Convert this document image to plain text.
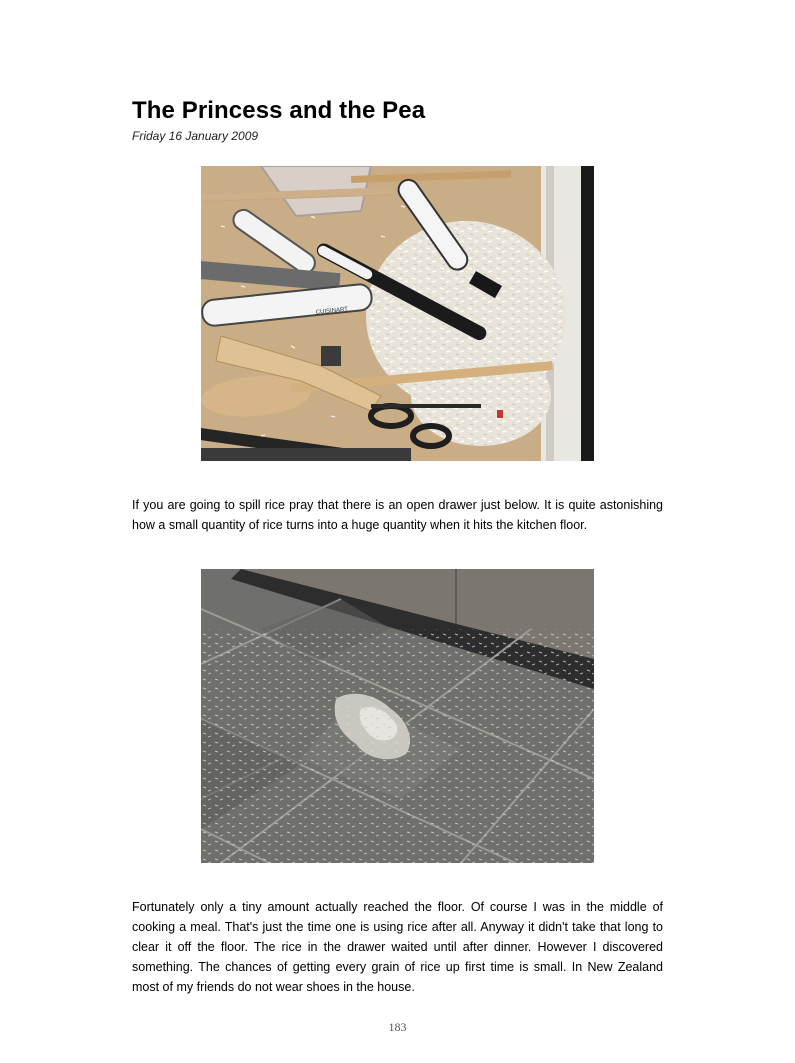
The Princess and the Pea
Friday 16 January 2009
CUISINART

If you are going to spill rice pray that there is an open drawer just below. It is quite astonishing how a small quantity of rice turns into a huge quantity when it hits the kitchen floor.

Fortunately only a tiny amount actually reached the floor. Of course I was in the middle of cooking a meal. That's just the time one is using rice after all. Anyway it didn't take that long to clear it off the floor. The rice in the drawer waited until after dinner. However I discovered something. The chances of getting every grain of rice up first time is small. In New Zealand most of my friends do not wear shoes in the house.

183
